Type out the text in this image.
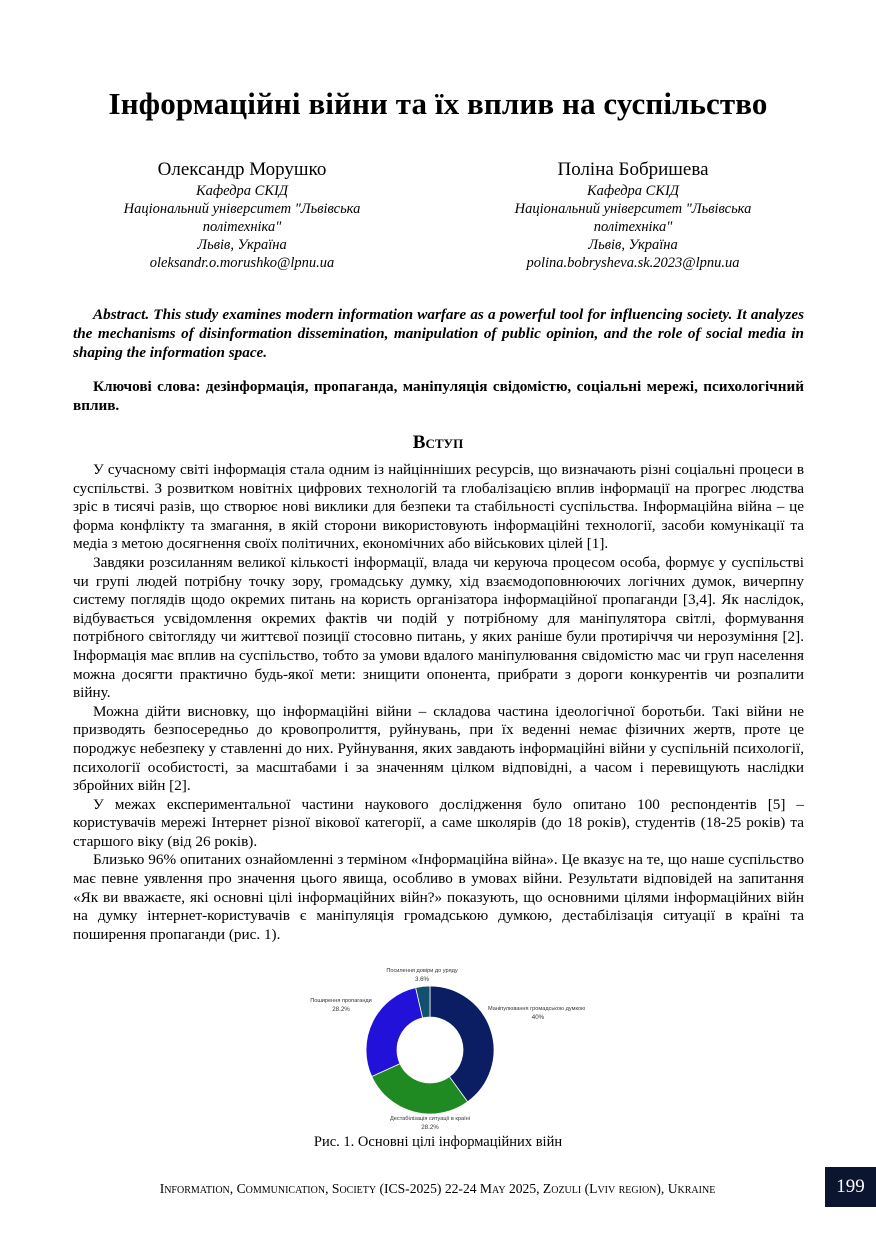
Інформаційні війни та їх вплив на суспільство
Олександр Морушко
Кафедра СКІД
Національний університет "Львівська
політехніка"
Львів, Україна
oleksandr.o.morushko@lpnu.ua
Поліна Бобришева
Кафедра СКІД
Національний університет "Львівська
політехніка"
Львів, Україна
polina.bobrysheva.sk.2023@lpnu.ua
Abstract. This study examines modern information warfare as a powerful tool for influencing society. It analyzes the mechanisms of disinformation dissemination, manipulation of public opinion, and the role of social media in shaping the information space.
Ключові слова: дезінформація, пропаганда, маніпуляція свідомістю, соціальні мережі, психологічний вплив.
Вступ

У сучасному світі інформація стала одним із найцінніших ресурсів, що визначають різні соціальні процеси в суспільстві. З розвитком новітніх цифрових технологій та глобалізацією вплив інформації на прогрес людства зріс в тисячі разів, що створює нові виклики для безпеки та стабільності суспільства. Інформаційна війна – це форма конфлікту та змагання, в якій сторони використовують інформаційні технології, засоби комунікації та медіа з метою досягнення своїх політичних, економічних або військових цілей [1].

Завдяки розсиланням великої кількості інформації, влада чи керуюча процесом особа, формує у суспільстві чи групі людей потрібну точку зору, громадську думку, хід взаємодоповнюючих логічних думок, вичерпну систему поглядів щодо окремих питань на користь організатора інформаційної пропаганди [3,4]. Як наслідок, відбувається усвідомлення окремих фактів чи подій у потрібному для маніпулятора світлі, формування потрібного світогляду чи життєвої позиції стосовно питань, у яких раніше були протиріччя чи нерозуміння [2]. Інформація має вплив на суспільство, тобто за умови вдалого маніпулювання свідомістю мас чи груп населення можна досягти практично будь-якої мети: знищити опонента, прибрати з дороги конкурентів чи розпалити війну.

Можна дійти висновку, що інформаційні війни – складова частина ідеологічної боротьби. Такі війни не призводять безпосередньо до кровопролиття, руйнувань, при їх веденні немає фізичних жертв, проте це породжує небезпеку у ставленні до них. Руйнування, яких завдають інформаційні війни у суспільній психології, психології особистості, за масштабами і за значенням цілком відповідні, а часом і перевищують наслідки збройних війн [2].

У межах експериментальної частини наукового дослідження було опитано 100 респондентів [5] – користувачів мережі Інтернет різної вікової категорії, а саме школярів (до 18 років), студентів (18-25 років) та старшого віку (від 26 років).

Близько 96% опитаних ознайомленні з терміном «Інформаційна війна». Це вказує на те, що наше суспільство має певне уявлення про значення цього явища, особливо в умовах війни. Результати відповідей на запитання «Як ви вважаєте, які основні цілі інформаційних війн?» показують, що основними цілями інформаційних війн на думку інтернет-користувачів є маніпуляція громадською думкою, дестабілізація ситуації в країні та поширення пропаганди (рис. 1).

Маніпулювання громадською думкою
40%
Дестабілізація ситуації в країні
28.2%
Поширення пропаганди
28.2%
Посилення довіри до уряду
3.6%
Рис. 1. Основні цілі інформаційних війн
Information, Communication, Society (ICS-2025) 22-24 May 2025, Zozuli (Lviv region), Ukraine	199
